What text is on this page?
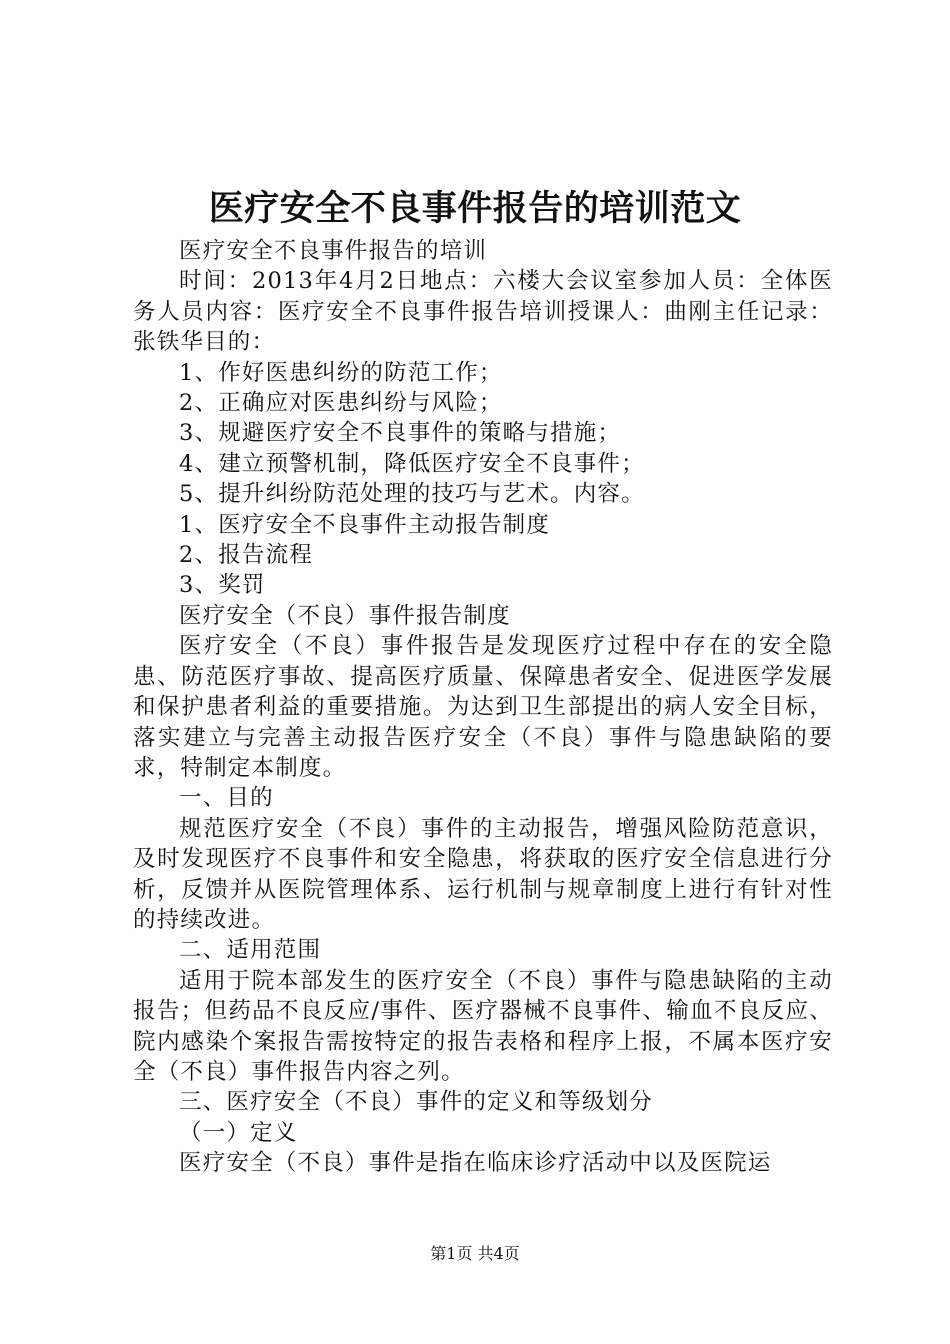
医疗安全不良事件报告的培训范文

医疗安全不良事件报告的培训

时间：2013年4月2日地点：六楼大会议室参加人员：全体医务人员内容：医疗安全不良事件报告培训授课人：曲刚主任记录：张铁华目的：

1、作好医患纠纷的防范工作；

2、正确应对医患纠纷与风险；

3、规避医疗安全不良事件的策略与措施；

4、建立预警机制，降低医疗安全不良事件；

5、提升纠纷防范处理的技巧与艺术。内容。

1、医疗安全不良事件主动报告制度

2、报告流程

3、奖罚

医疗安全（不良）事件报告制度

医疗安全（不良）事件报告是发现医疗过程中存在的安全隐患、防范医疗事故、提高医疗质量、保障患者安全、促进医学发展和保护患者利益的重要措施。为达到卫生部提出的病人安全目标，落实建立与完善主动报告医疗安全（不良）事件与隐患缺陷的要求，特制定本制度。

一、目的

规范医疗安全（不良）事件的主动报告，增强风险防范意识，及时发现医疗不良事件和安全隐患，将获取的医疗安全信息进行分析，反馈并从医院管理体系、运行机制与规章制度上进行有针对性的持续改进。

二、适用范围

适用于院本部发生的医疗安全（不良）事件与隐患缺陷的主动报告；但药品不良反应/事件、医疗器械不良事件、输血不良反应、院内感染个案报告需按特定的报告表格和程序上报，不属本医疗安全（不良）事件报告内容之列。

三、医疗安全（不良）事件的定义和等级划分

（一）定义

医疗安全（不良）事件是指在临床诊疗活动中以及医院运

第1页 共4页
